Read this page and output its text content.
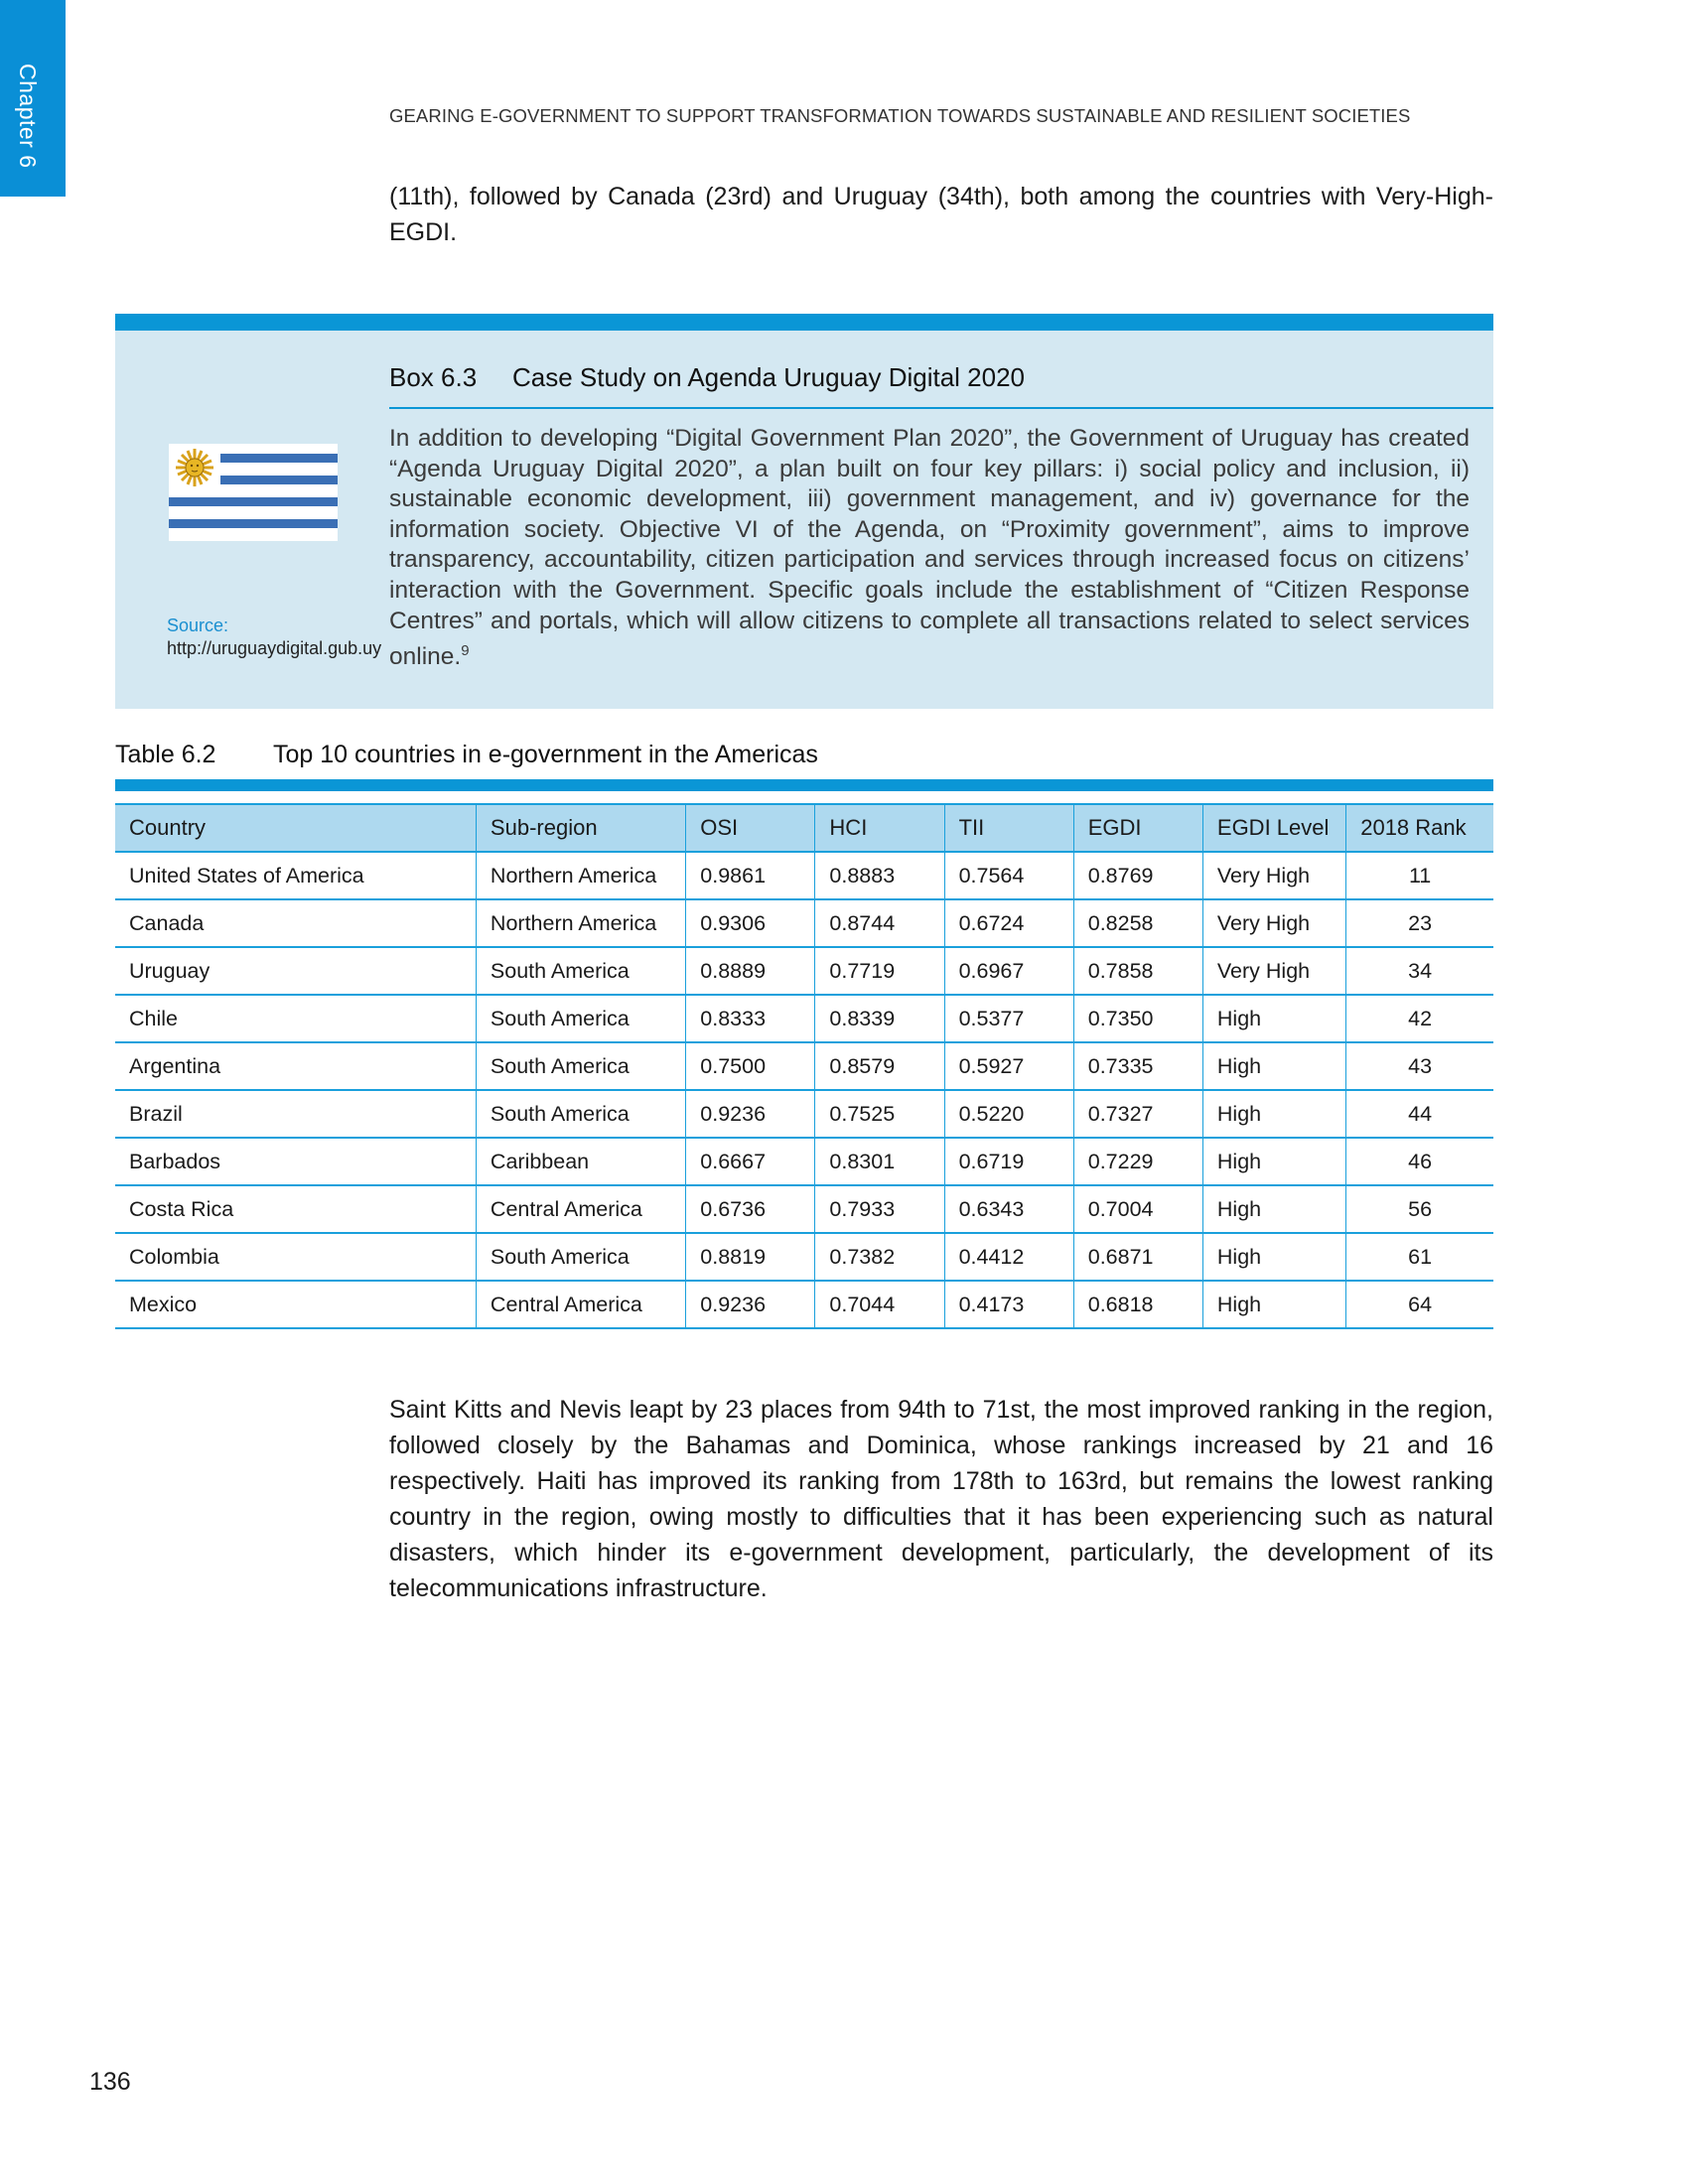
Chapter 6	GEARING E-GOVERNMENT TO SUPPORT TRANSFORMATION TOWARDS SUSTAINABLE AND RESILIENT SOCIETIES
(11th), followed by Canada (23rd) and Uruguay (34th), both among the countries with Very-High-EGDI.
Box 6.3 Case Study on Agenda Uruguay Digital 2020
Source: http://uruguaydigital.gub.uy
In addition to developing “Digital Government Plan 2020”, the Government of Uruguay has created “Agenda Uruguay Digital 2020”, a plan built on four key pillars: i) social policy and inclusion, ii) sustainable economic development, iii) government management, and iv) governance for the information society. Objective VI of the Agenda, on “Proximity government”, aims to improve transparency, accountability, citizen participation and services through increased focus on citizens’ interaction with the Government. Specific goals include the establishment of “Citizen Response Centres” and portals, which will allow citizens to complete all transactions related to select services online.$^9$
Table 6.2 Top 10 countries in e-government in the Americas
Country	Sub-region	OSI	HCI	TII	EGDI	EGDI Level	2018 Rank
United States of America	Northern America	0.9861	0.8883	0.7564	0.8769	Very High	11
Canada	Northern America	0.9306	0.8744	0.6724	0.8258	Very High	23
Uruguay	South America	0.8889	0.7719	0.6967	0.7858	Very High	34
Chile	South America	0.8333	0.8339	0.5377	0.7350	High	42
Argentina	South America	0.7500	0.8579	0.5927	0.7335	High	43
Brazil	South America	0.9236	0.7525	0.5220	0.7327	High	44
Barbados	Caribbean	0.6667	0.8301	0.6719	0.7229	High	46
Costa Rica	Central America	0.6736	0.7933	0.6343	0.7004	High	56
Colombia	South America	0.8819	0.7382	0.4412	0.6871	High	61
Mexico	Central America	0.9236	0.7044	0.4173	0.6818	High	64
Saint Kitts and Nevis leapt by 23 places from 94th to 71st, the most improved ranking in the region, followed closely by the Bahamas and Dominica, whose rankings increased by 21 and 16 respectively. Haiti has improved its ranking from 178th to 163rd, but remains the lowest ranking country in the region, owing mostly to difficulties that it has been experiencing such as natural disasters, which hinder its e-government development, particularly, the development of its telecommunications infrastructure.
136
